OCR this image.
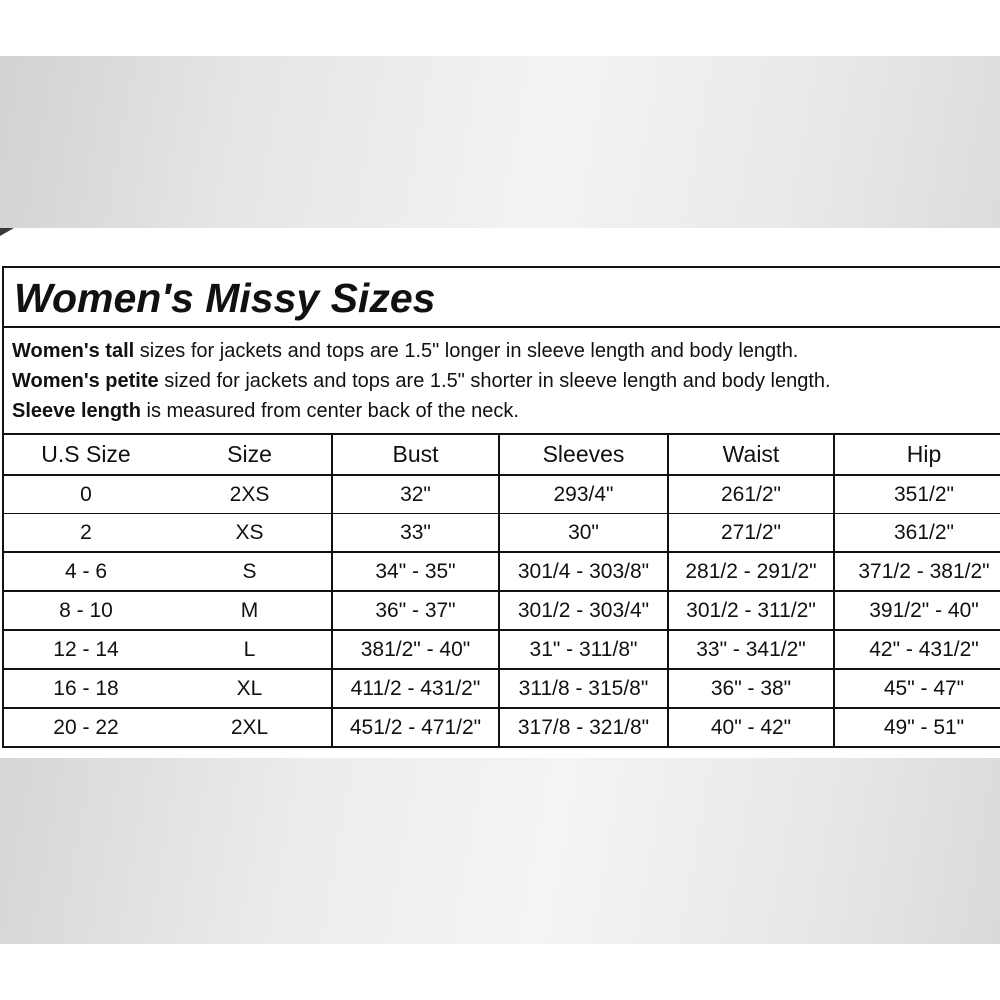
Women's Missy Sizes
Women's tall sizes for jackets and tops are 1.5" longer in sleeve length and body length.
Women's petite sized for jackets and tops are 1.5" shorter in sleeve length and body length.
Sleeve length is measured from center back of the neck.
U.S Size	Size	Bust	Sleeves	Waist	Hip
0	2XS	32"	293/4"	261/2"	351/2"
2	XS	33"	30"	271/2"	361/2"
4 - 6	S	34" - 35"	301/4 - 303/8"	281/2 - 291/2"	371/2 - 381/2"
8 - 10	M	36" - 37"	301/2 - 303/4"	301/2 - 311/2"	391/2" - 40"
12 - 14	L	381/2" - 40"	31" - 311/8"	33" - 341/2"	42" - 431/2"
16 - 18	XL	411/2 - 431/2"	311/8 - 315/8"	36" - 38"	45" - 47"
20 - 22	2XL	451/2 - 471/2"	317/8 - 321/8"	40" - 42"	49" - 51"
